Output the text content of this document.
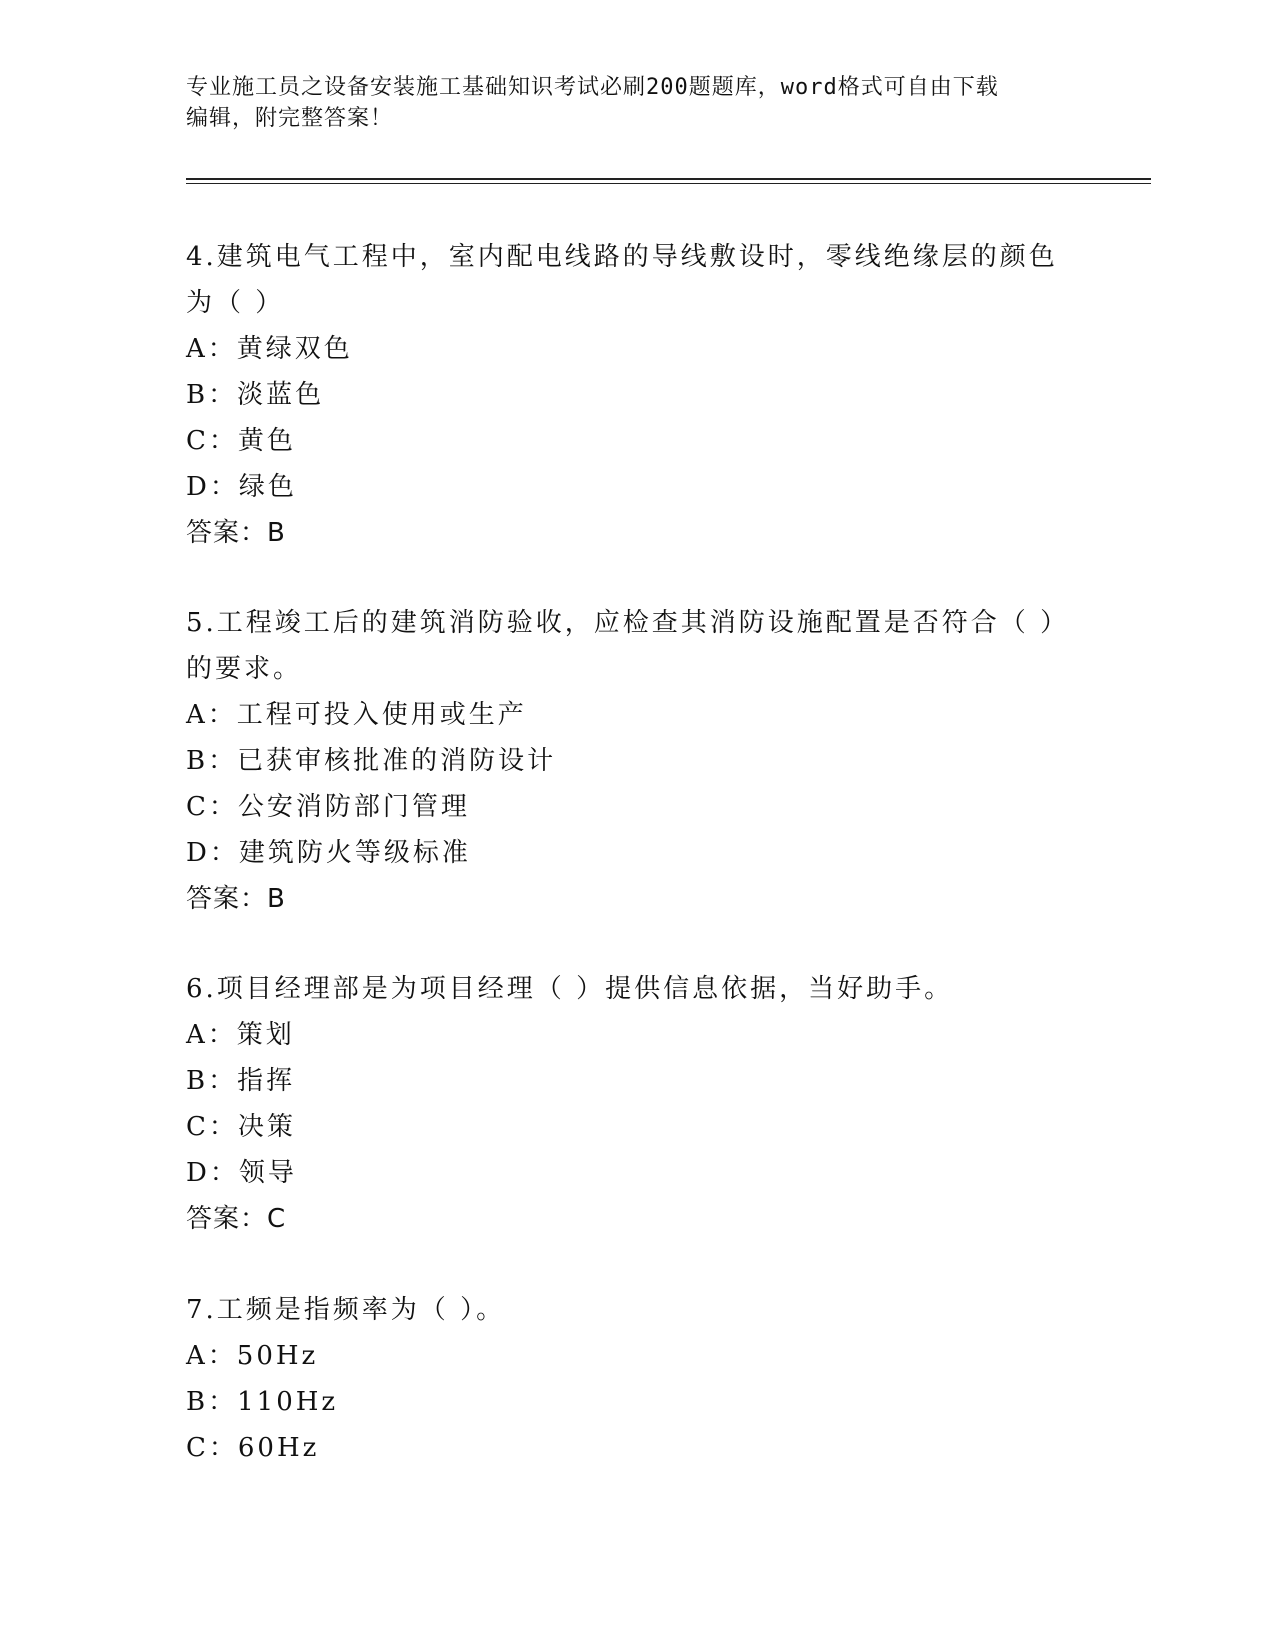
专业施工员之设备安装施工基础知识考试必刷200题题库，word格式可自由下载
编辑，附完整答案！
4.建筑电气工程中，室内配电线路的导线敷设时，零线绝缘层的颜色
为（ ）
A：黄绿双色
B：淡蓝色
C：黄色
D：绿色
答案：B
5.工程竣工后的建筑消防验收，应检查其消防设施配置是否符合（ ）
的要求。
A：工程可投入使用或生产
B：已获审核批准的消防设计
C：公安消防部门管理
D：建筑防火等级标准
答案：B
6.项目经理部是为项目经理（ ）提供信息依据，当好助手。
A：策划
B：指挥
C：决策
D：领导
答案：C
7.工频是指频率为（ ）。
A：50Hz
B：110Hz
C：60Hz
